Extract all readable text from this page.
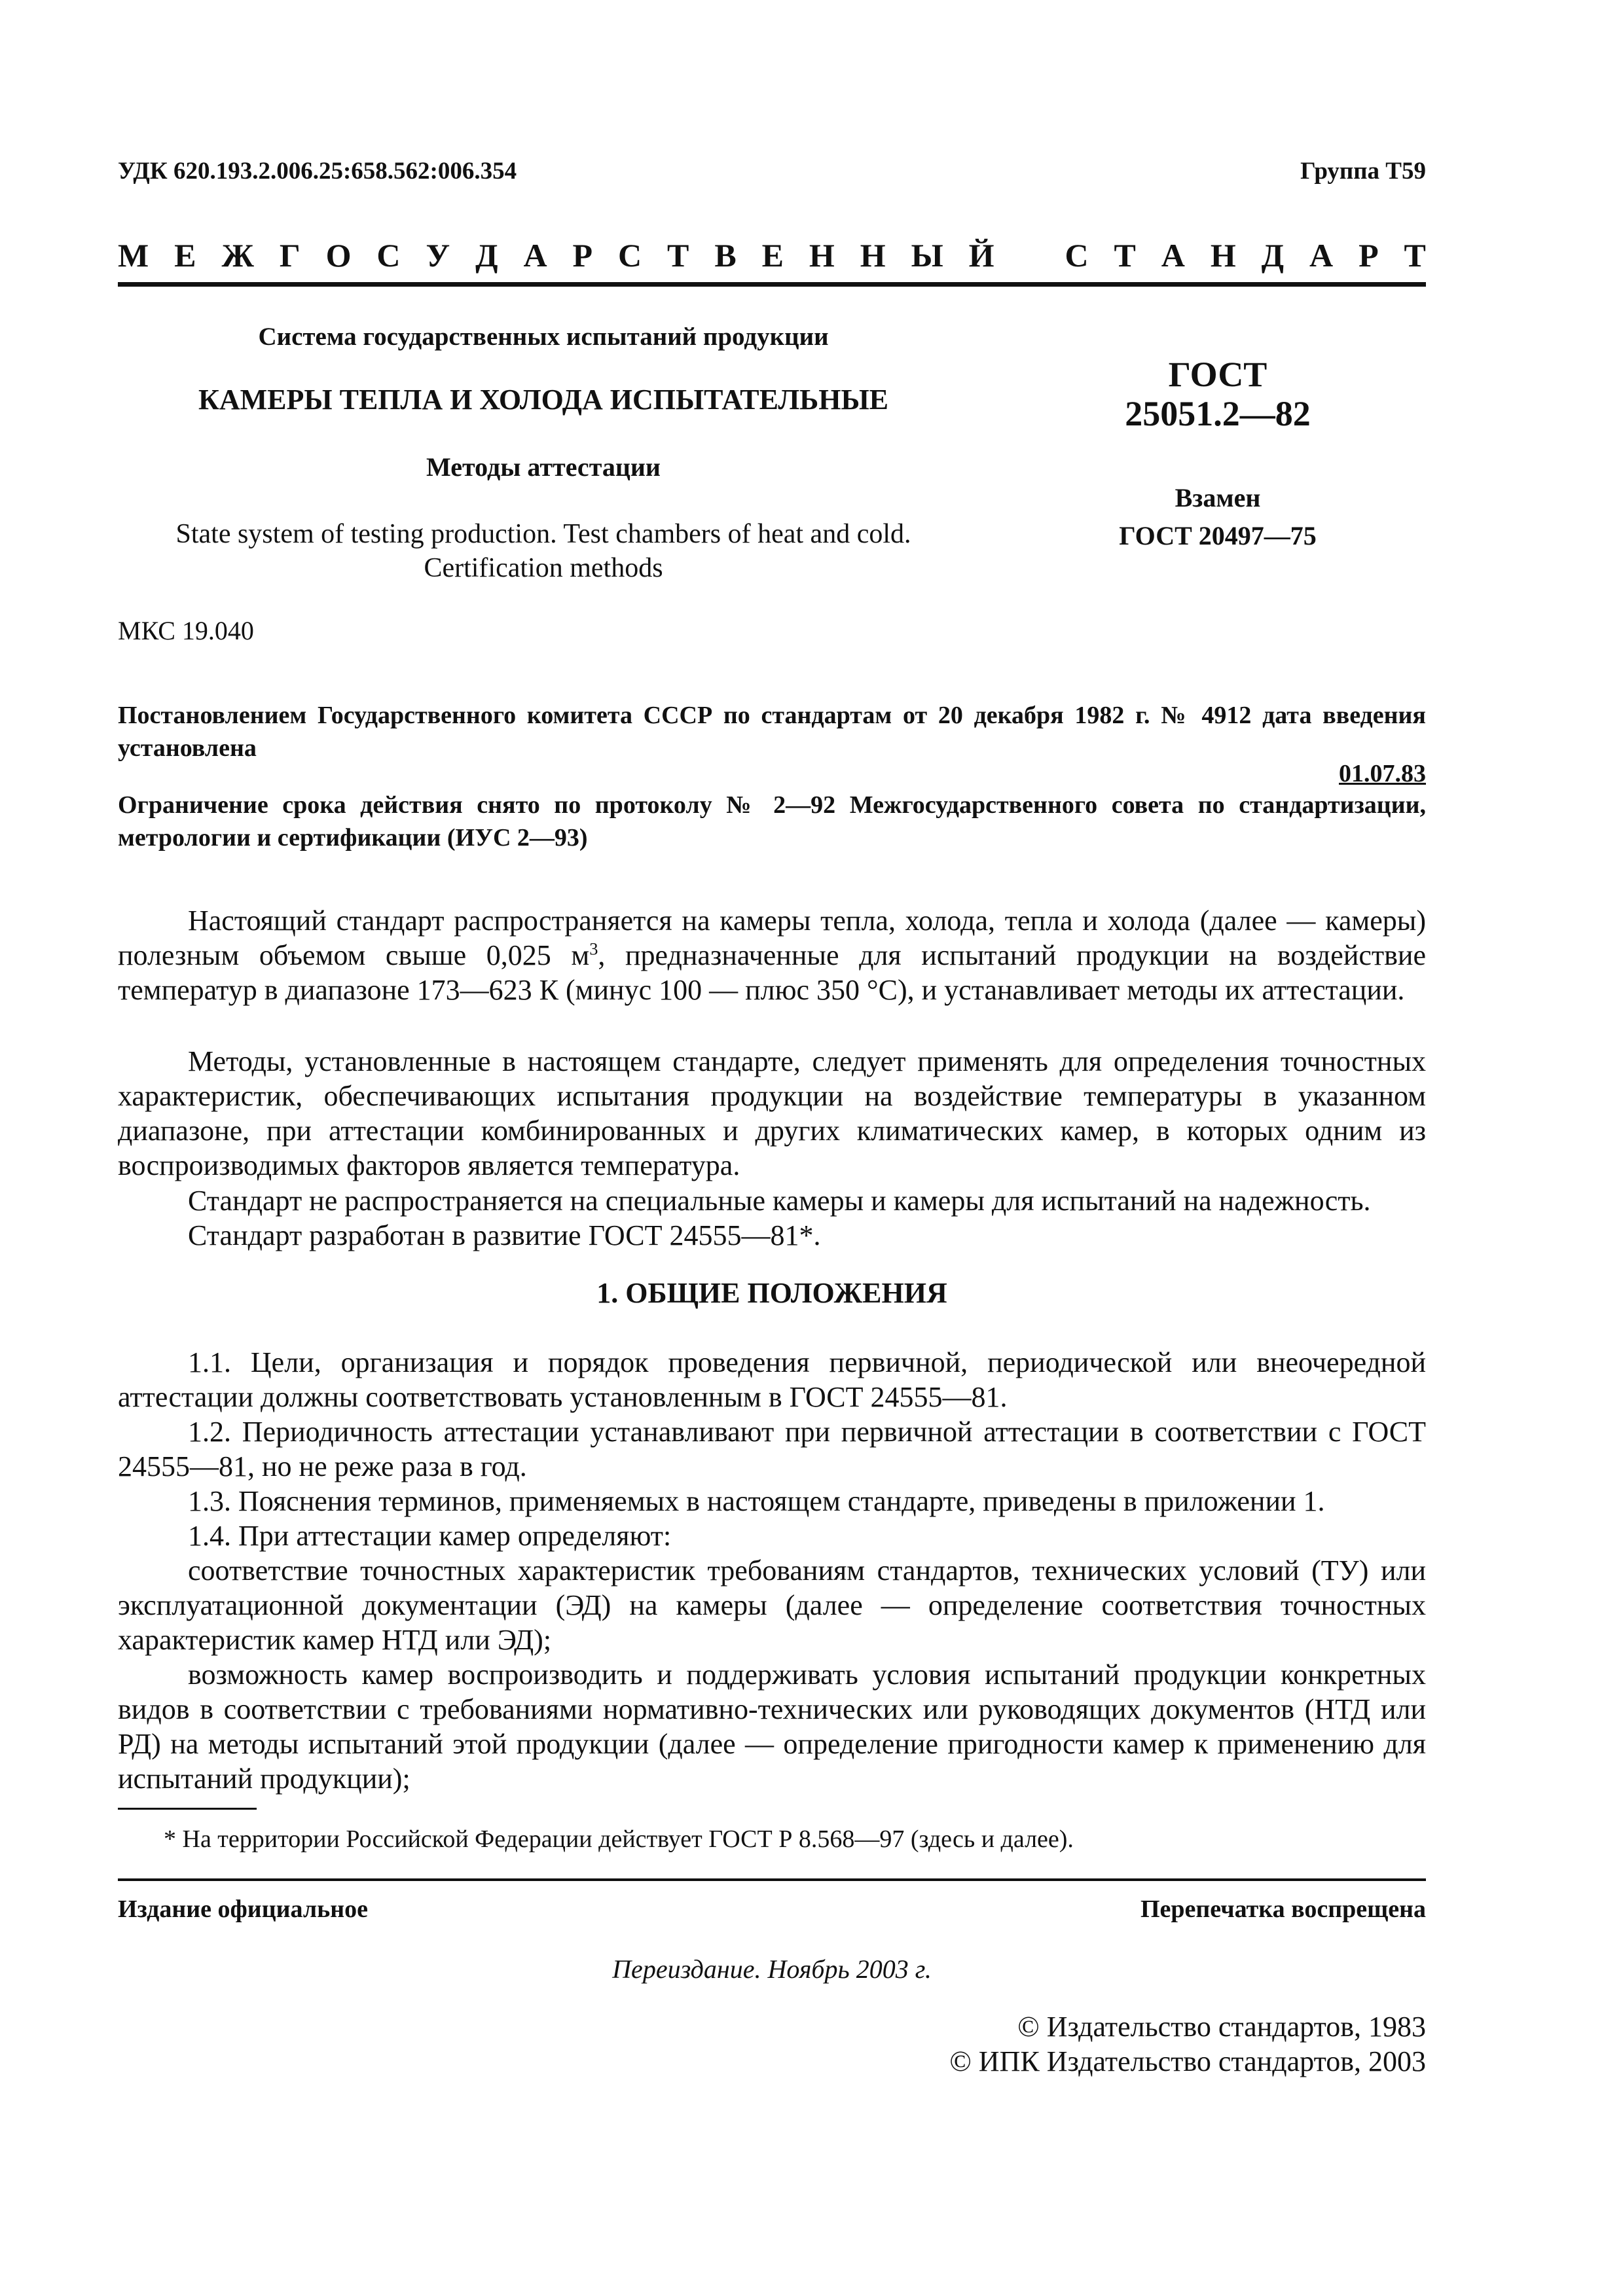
УДК 620.193.2.006.25:658.562:006.354	Группа Т59
М Е Ж Г О С У Д А Р С Т В Е Н Н Ы Й С Т А Н Д А Р Т
Система государственных испытаний продукции
КАМЕРЫ ТЕПЛА И ХОЛОДА ИСПЫТАТЕЛЬНЫЕ
Методы аттестации
State system of testing production. Test chambers of heat and cold.
Certification methods
МКС 19.040
ГОСТ
25051.2—82
Взамен
ГОСТ 20497—75
Постановлением Государственного комитета СССР по стандартам от 20 декабря 1982 г. № 4912 дата введения установлена
01.07.83
Ограничение срока действия снято по протоколу № 2—92 Межгосударственного совета по стандартизации, метрологии и сертификации (ИУС 2—93)
Настоящий стандарт распространяется на камеры тепла, холода, тепла и холода (далее — камеры) полезным объемом свыше 0,025 $м^3$, предназначенные для испытаний продукции на воздействие температур в диапазоне 173—623 К (минус 100 — плюс 350 °С), и устанавливает методы их аттестации.
Методы, установленные в настоящем стандарте, следует применять для определения точностных характеристик, обеспечивающих испытания продукции на воздействие температуры в указанном диапазоне, при аттестации комбинированных и других климатических камер, в которых одним из воспроизводимых факторов является температура.
Стандарт не распространяется на специальные камеры и камеры для испытаний на надежность.
Стандарт разработан в развитие ГОСТ 24555—81*.
1. ОБЩИЕ ПОЛОЖЕНИЯ
1.1. Цели, организация и порядок проведения первичной, периодической или внеочередной аттестации должны соответствовать установленным в ГОСТ 24555—81.
1.2. Периодичность аттестации устанавливают при первичной аттестации в соответствии с ГОСТ 24555—81, но не реже раза в год.
1.3. Пояснения терминов, применяемых в настоящем стандарте, приведены в приложении 1.
1.4. При аттестации камер определяют:
соответствие точностных характеристик требованиям стандартов, технических условий (ТУ) или эксплуатационной документации (ЭД) на камеры (далее — определение соответствия точностных характеристик камер НТД или ЭД);
возможность камер воспроизводить и поддерживать условия испытаний продукции конкретных видов в соответствии с требованиями нормативно-технических или руководящих документов (НТД или РД) на методы испытаний этой продукции (далее — определение пригодности камер к применению для испытаний продукции);
* На территории Российской Федерации действует ГОСТ Р 8.568—97 (здесь и далее).
Издание официальное	Перепечатка воспрещена
Переиздание. Ноябрь 2003 г.
© Издательство стандартов, 1983
© ИПК Издательство стандартов, 2003
